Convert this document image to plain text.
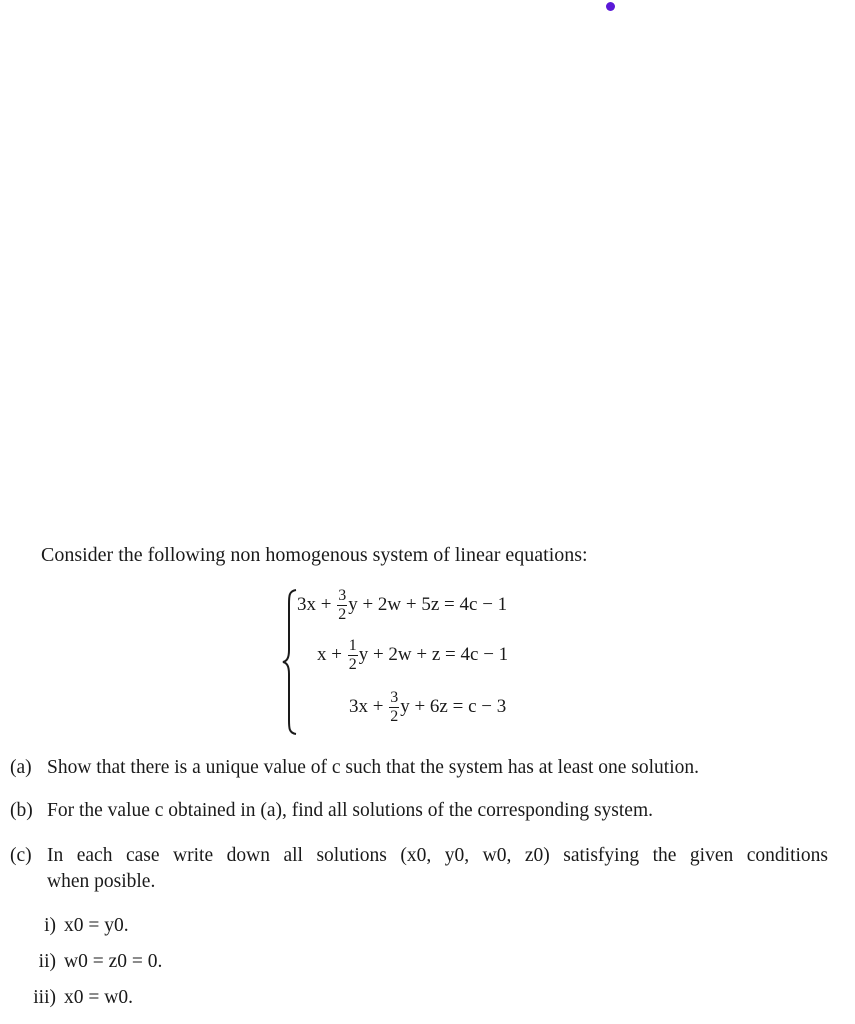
Consider the following non homogenous system of linear equations:
$3x + \frac{3}{2}$ y + 2w + 5z = 4c − 1
$x + \frac{1}{2}$ y + 2w + z = 4c − 1
$3x + \frac{3}{2}$ y + 6z = c − 3
(a) Show that there is a unique value of c such that the system has at least one solution.
(b) For the value c obtained in (a), find all solutions of the corresponding system.
(c) In each case write down all solutions (x0, y0, w0, z0) satisfying the given conditions
when posible.
i) x0 = y0.
ii) w0 = z0 = 0.
iii) x0 = w0.
